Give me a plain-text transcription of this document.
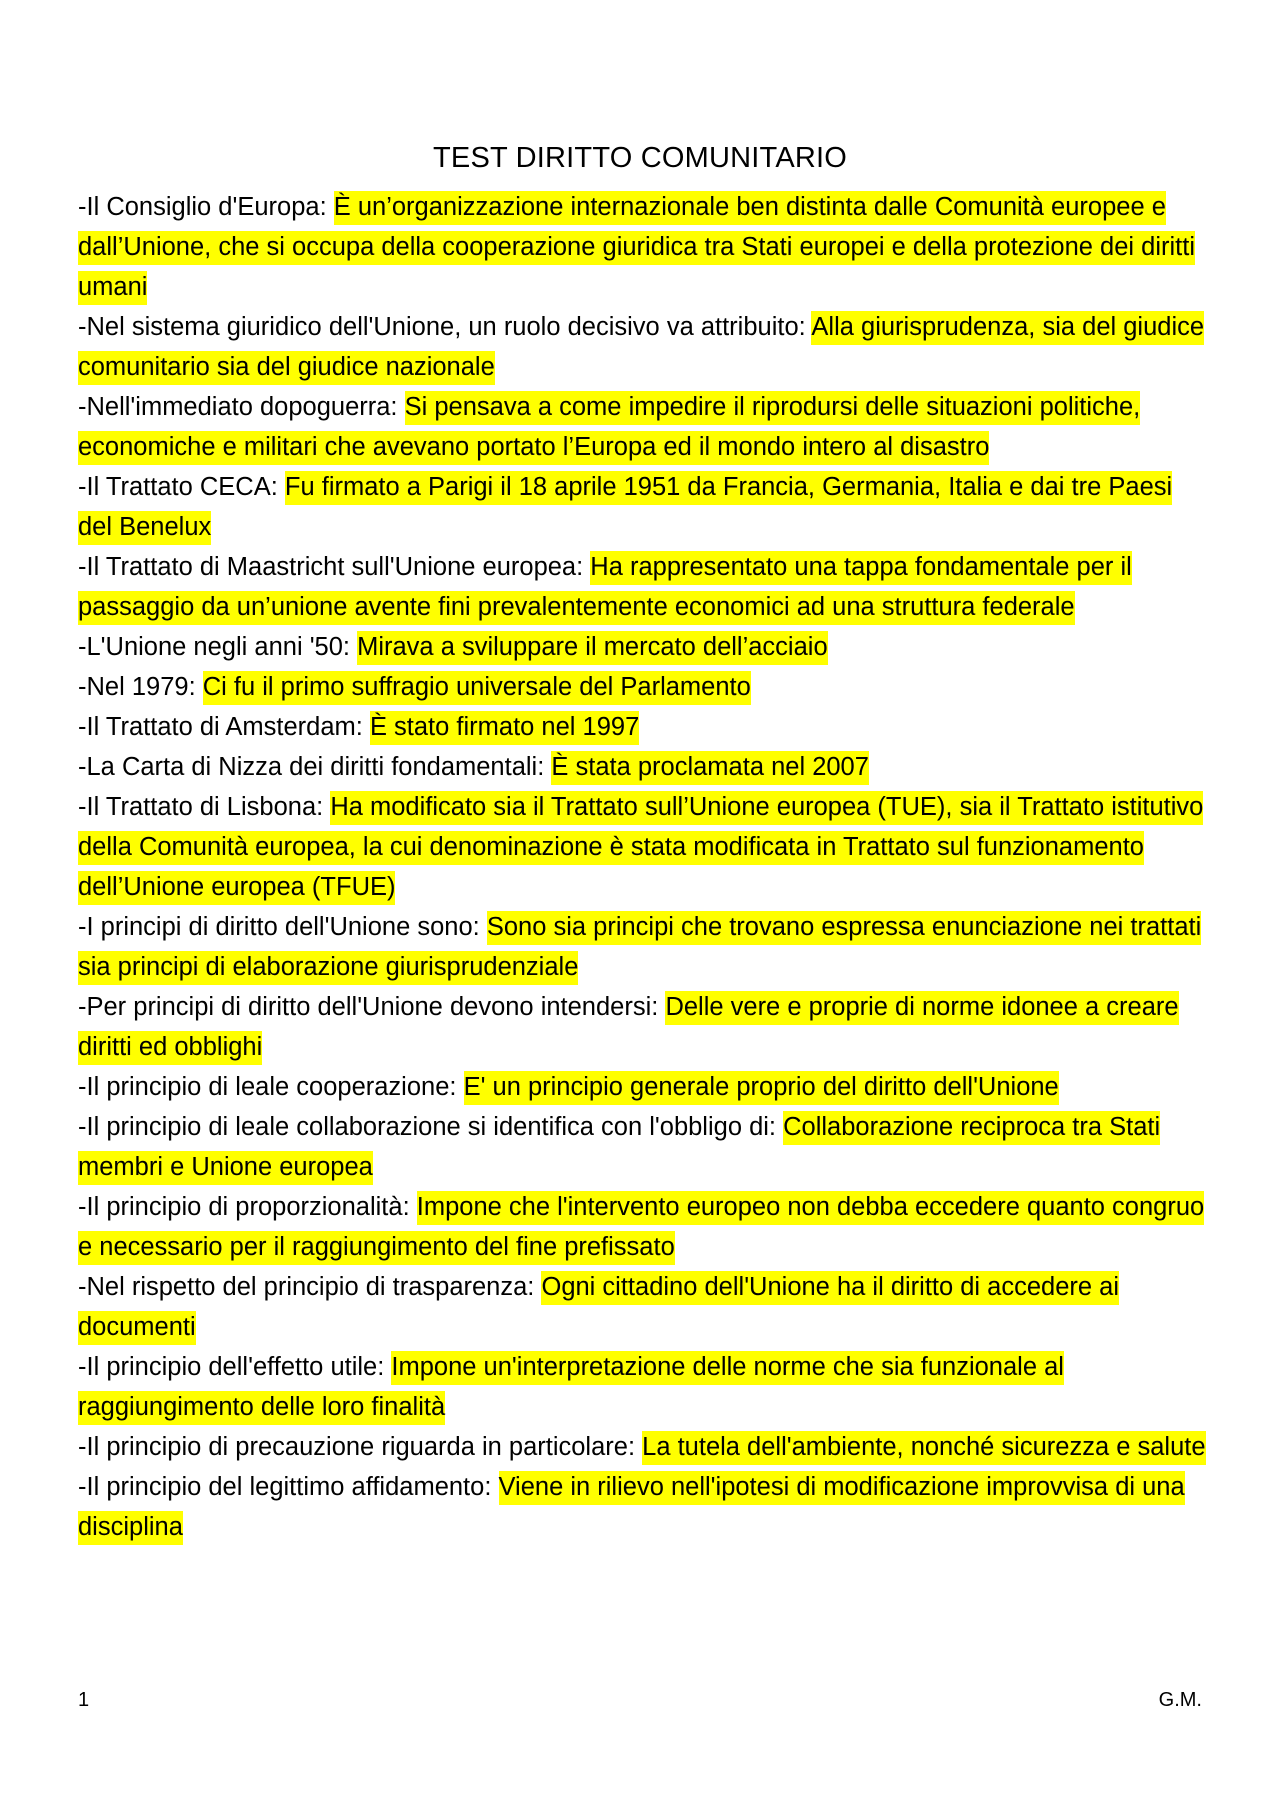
TEST DIRITTO COMUNITARIO

-Il Consiglio d'Europa: È un’organizzazione internazionale ben distinta dalle Comunità europee e dall’Unione, che si occupa della cooperazione giuridica tra Stati europei e della protezione dei diritti umani

-Nel sistema giuridico dell'Unione, un ruolo decisivo va attribuito: Alla giurisprudenza, sia del giudice comunitario sia del giudice nazionale

-Nell'immediato dopoguerra: Si pensava a come impedire il riprodursi delle situazioni politiche, economiche e militari che avevano portato l’Europa ed il mondo intero al disastro

-Il Trattato CECA: Fu firmato a Parigi il 18 aprile 1951 da Francia, Germania, Italia e dai tre Paesi del Benelux

-Il Trattato di Maastricht sull'Unione europea: Ha rappresentato una tappa fondamentale per il passaggio da un’unione avente fini prevalentemente economici ad una struttura federale

-L'Unione negli anni '50: Mirava a sviluppare il mercato dell’acciaio

-Nel 1979: Ci fu il primo suffragio universale del Parlamento

-Il Trattato di Amsterdam: È stato firmato nel 1997

-La Carta di Nizza dei diritti fondamentali: È stata proclamata nel 2007

-Il Trattato di Lisbona: Ha modificato sia il Trattato sull’Unione europea (TUE), sia il Trattato istitutivo della Comunità europea, la cui denominazione è stata modificata in Trattato sul funzionamento dell’Unione europea (TFUE)

-I principi di diritto dell'Unione sono: Sono sia principi che trovano espressa enunciazione nei trattati sia principi di elaborazione giurisprudenziale

-Per principi di diritto dell'Unione devono intendersi: Delle vere e proprie di norme idonee a creare diritti ed obblighi

-Il principio di leale cooperazione: E' un principio generale proprio del diritto dell'Unione

-Il principio di leale collaborazione si identifica con l'obbligo di: Collaborazione reciproca tra Stati membri e Unione europea

-Il principio di proporzionalità: Impone che l'intervento europeo non debba eccedere quanto congruo e necessario per il raggiungimento del fine prefissato

-Nel rispetto del principio di trasparenza: Ogni cittadino dell'Unione ha il diritto di accedere ai documenti

-Il principio dell'effetto utile: Impone un'interpretazione delle norme che sia funzionale al raggiungimento delle loro finalità

-Il principio di precauzione riguarda in particolare: La tutela dell'ambiente, nonché sicurezza e salute

-Il principio del legittimo affidamento: Viene in rilievo nell'ipotesi di modificazione improvvisa di una disciplina

1	G.M.
